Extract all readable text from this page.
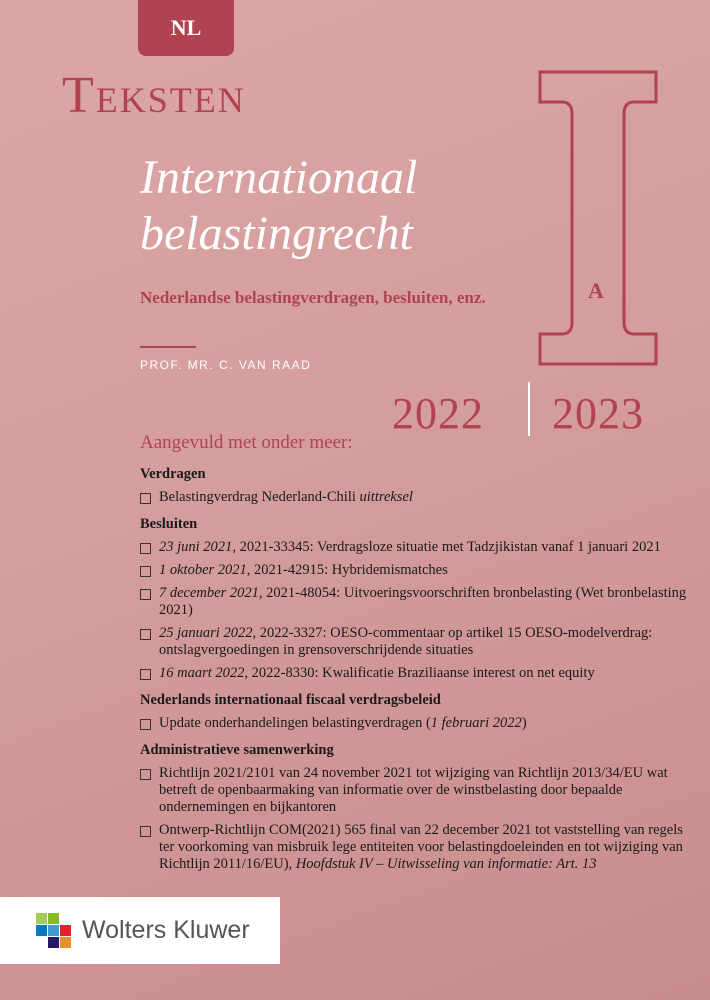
NL
Teksten
Internationaal belastingrecht
Nederlandse belastingverdragen, besluiten, enz.
PROF. MR. C. VAN RAAD
A
2022 2023
Aangevuld met onder meer:
Verdragen
Belastingverdrag Nederland-Chili uittreksel
Besluiten
23 juni 2021, 2021-33345: Verdragsloze situatie met Tadzjikistan vanaf 1 januari 2021
1 oktober 2021, 2021-42915: Hybridemismatches
7 december 2021, 2021-48054: Uitvoeringsvoorschriften bronbelasting (Wet bronbelasting 2021)
25 januari 2022, 2022-3327: OESO-commentaar op artikel 15 OESO-modelverdrag: ontslagvergoedingen in grensoverschrijdende situaties
16 maart 2022, 2022-8330: Kwalificatie Braziliaanse interest on net equity
Nederlands internationaal fiscaal verdragsbeleid
Update onderhandelingen belastingverdragen (1 februari 2022)
Administratieve samenwerking
Richtlijn 2021/2101 van 24 november 2021 tot wijziging van Richtlijn 2013/34/EU wat betreft de openbaarmaking van informatie over de winstbelasting door bepaalde ondernemingen en bijkantoren
Ontwerp-Richtlijn COM(2021) 565 final van 22 december 2021 tot vaststelling van regels ter voorkoming van misbruik lege entiteiten voor belastingdoeleinden en tot wijziging van Richtlijn 2011/16/EU), Hoofdstuk IV – Uitwisseling van informatie: Art. 13
Wolters Kluwer
